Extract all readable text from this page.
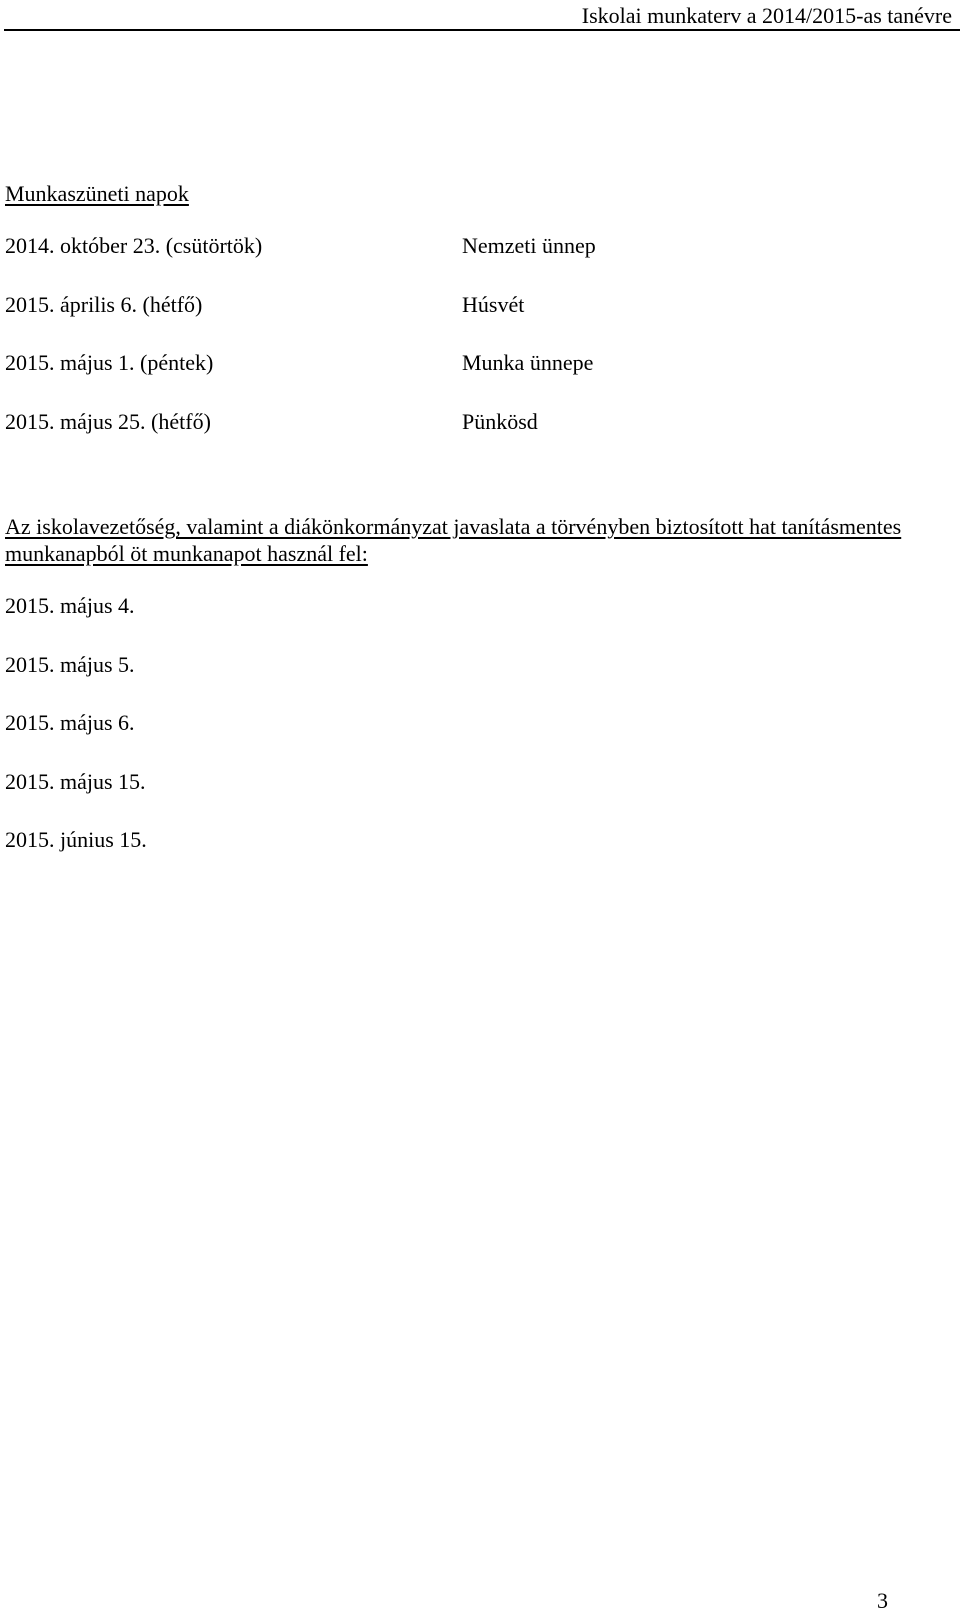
Iskolai munkaterv a 2014/2015-as tanévre
Munkaszüneti napok
2014. október 23. (csütörtök)	Nemzeti ünnep
2015. április 6. (hétfő)	Húsvét
2015. május 1. (péntek)	Munka ünnepe
2015. május 25. (hétfő)	Pünkösd
Az iskolavezetőség, valamint a diákönkormányzat javaslata a törvényben biztosított hat tanításmentes munkanapból öt munkanapot használ fel:
2015. május 4.
2015. május 5.
2015. május 6.
2015. május 15.
2015. június 15.
3
